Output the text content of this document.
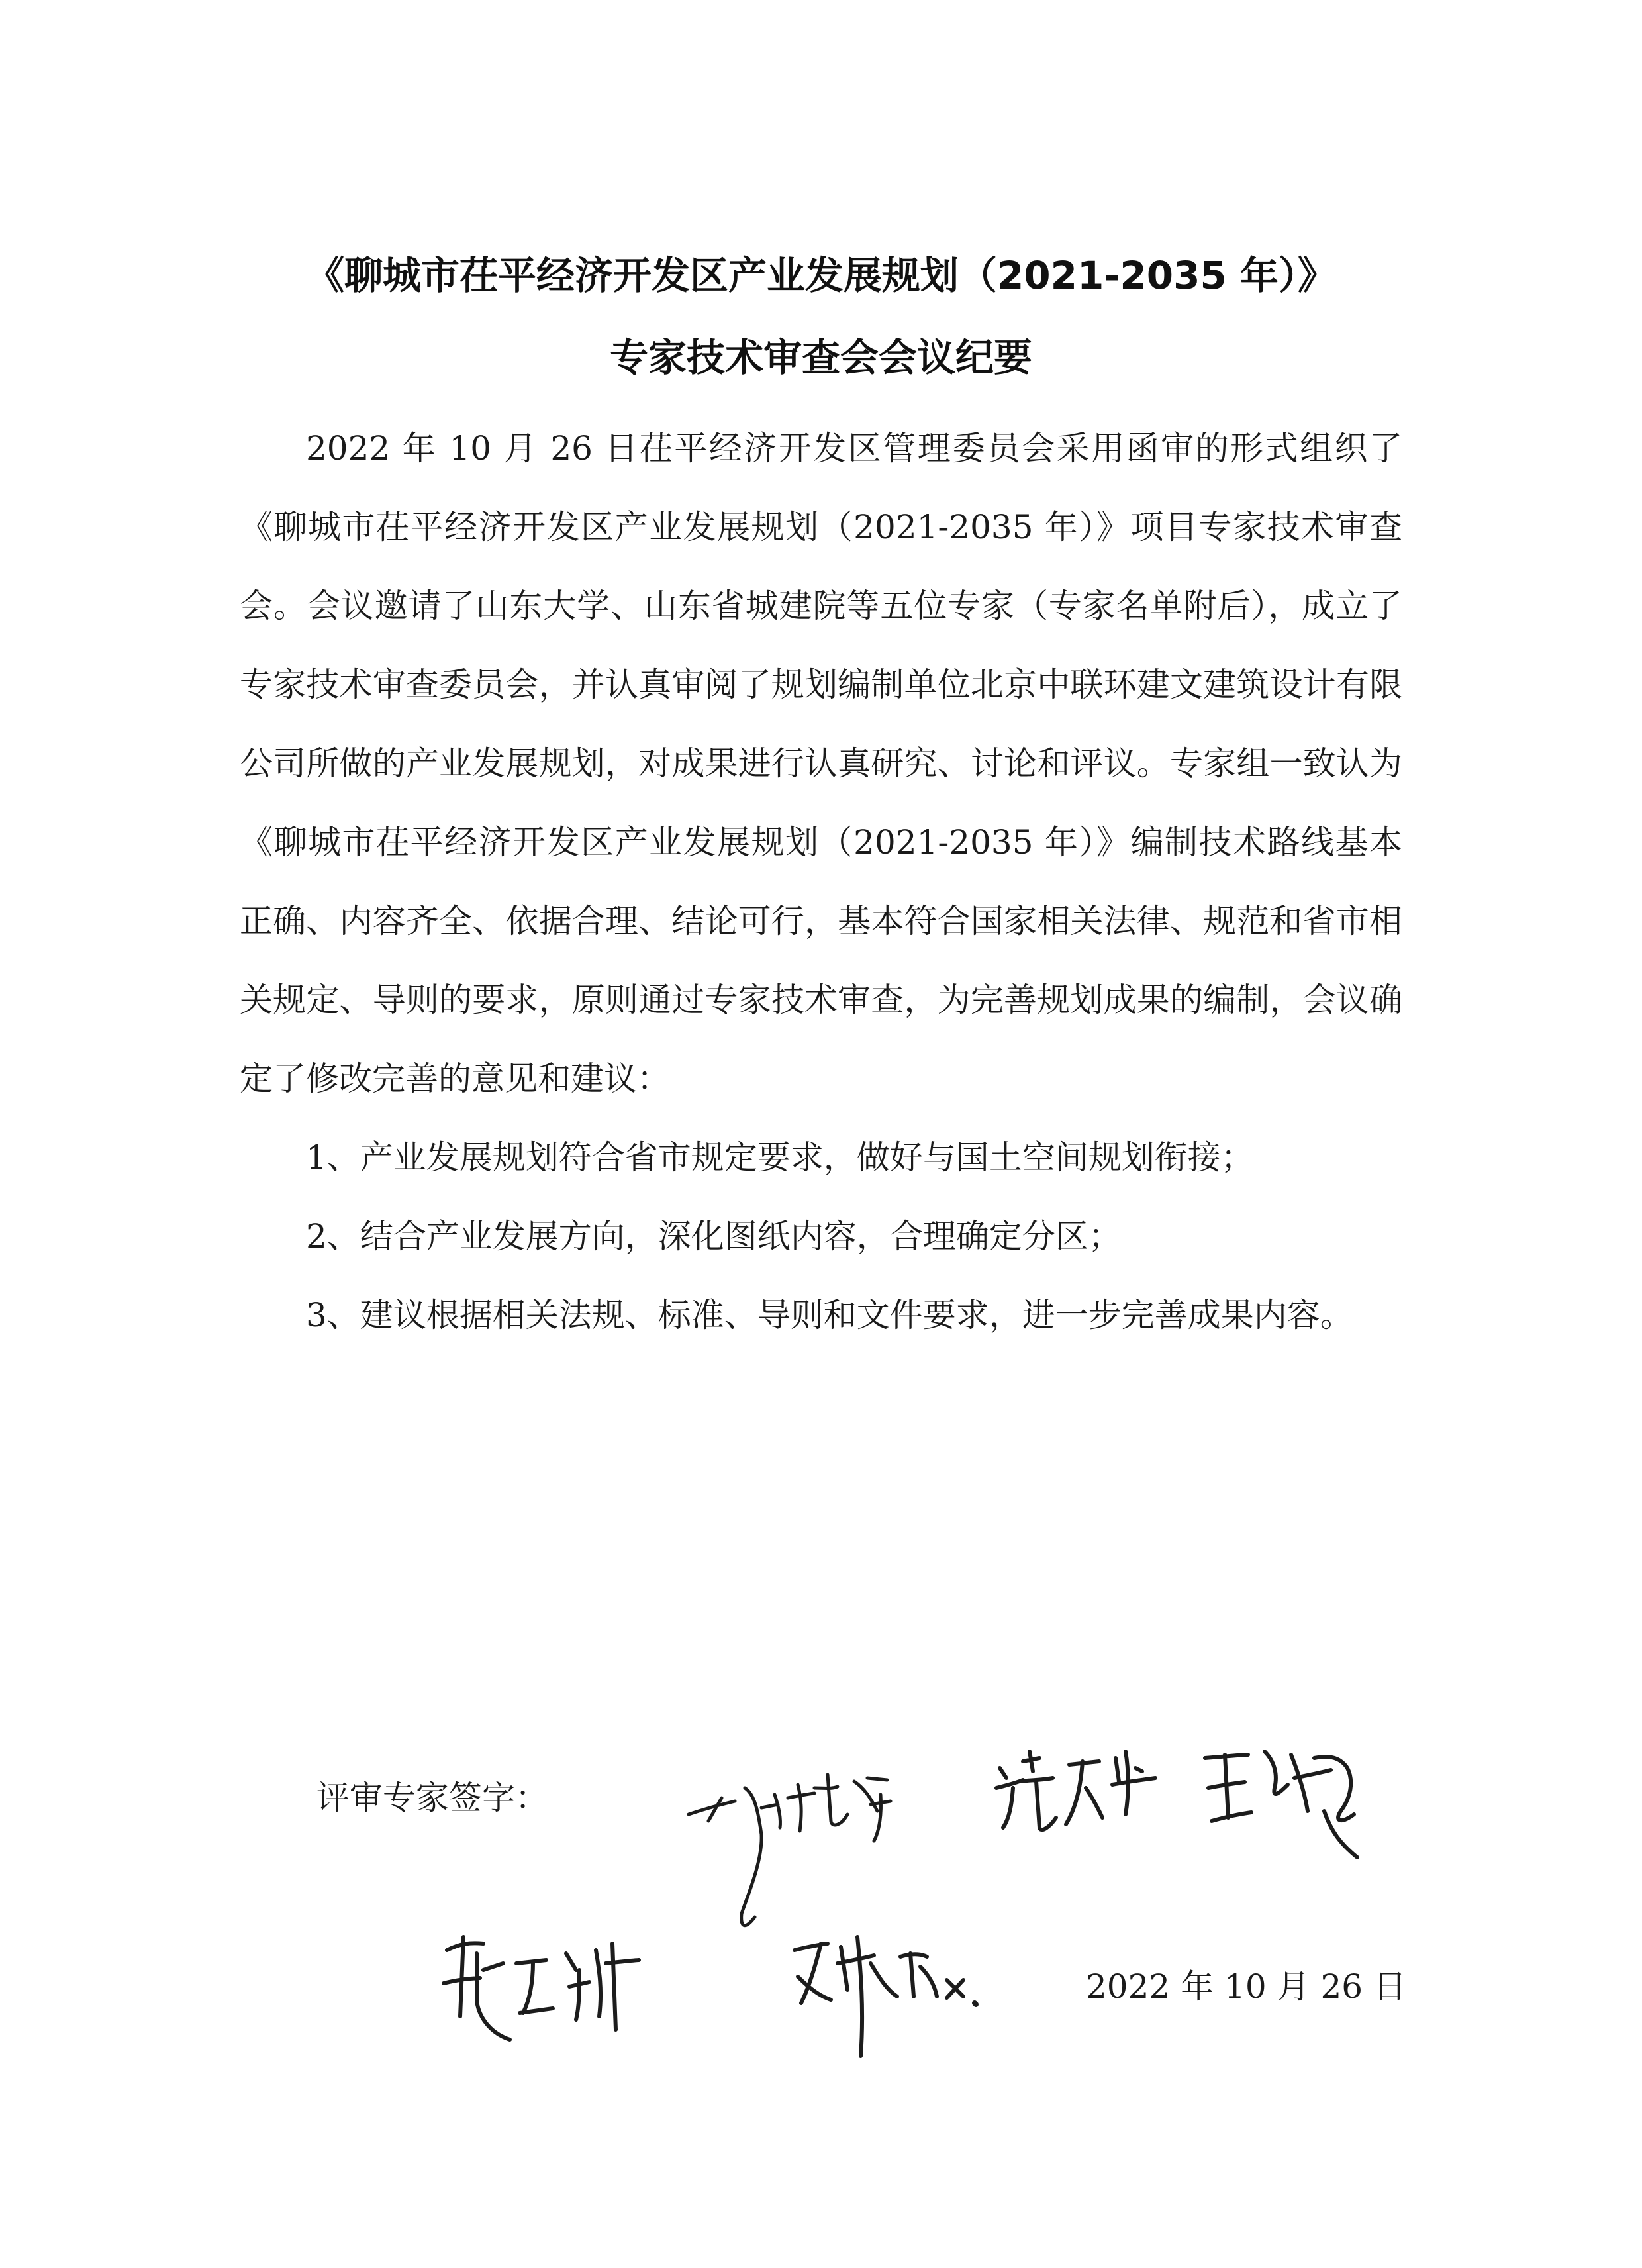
《聊城市茌平经济开发区产业发展规划（2021-2035 年）》
专家技术审查会会议纪要

2022 年 10 月 26 日茌平经济开发区管理委员会采用函审的形式组织了《聊城市茌平经济开发区产业发展规划（2021-2035 年）》项目专家技术审查会。会议邀请了山东大学、山东省城建院等五位专家（专家名单附后），成立了专家技术审查委员会，并认真审阅了规划编制单位北京中联环建文建筑设计有限公司所做的产业发展规划，对成果进行认真研究、讨论和评议。专家组一致认为《聊城市茌平经济开发区产业发展规划（2021-2035 年）》编制技术路线基本正确、内容齐全、依据合理、结论可行，基本符合国家相关法律、规范和省市相关规定、导则的要求，原则通过专家技术审查，为完善规划成果的编制，会议确定了修改完善的意见和建议：

1、产业发展规划符合省市规定要求，做好与国土空间规划衔接；

2、结合产业发展方向，深化图纸内容，合理确定分区；

3、建议根据相关法规、标准、导则和文件要求，进一步完善成果内容。

评审专家签字：
2022 年 10 月 26 日
